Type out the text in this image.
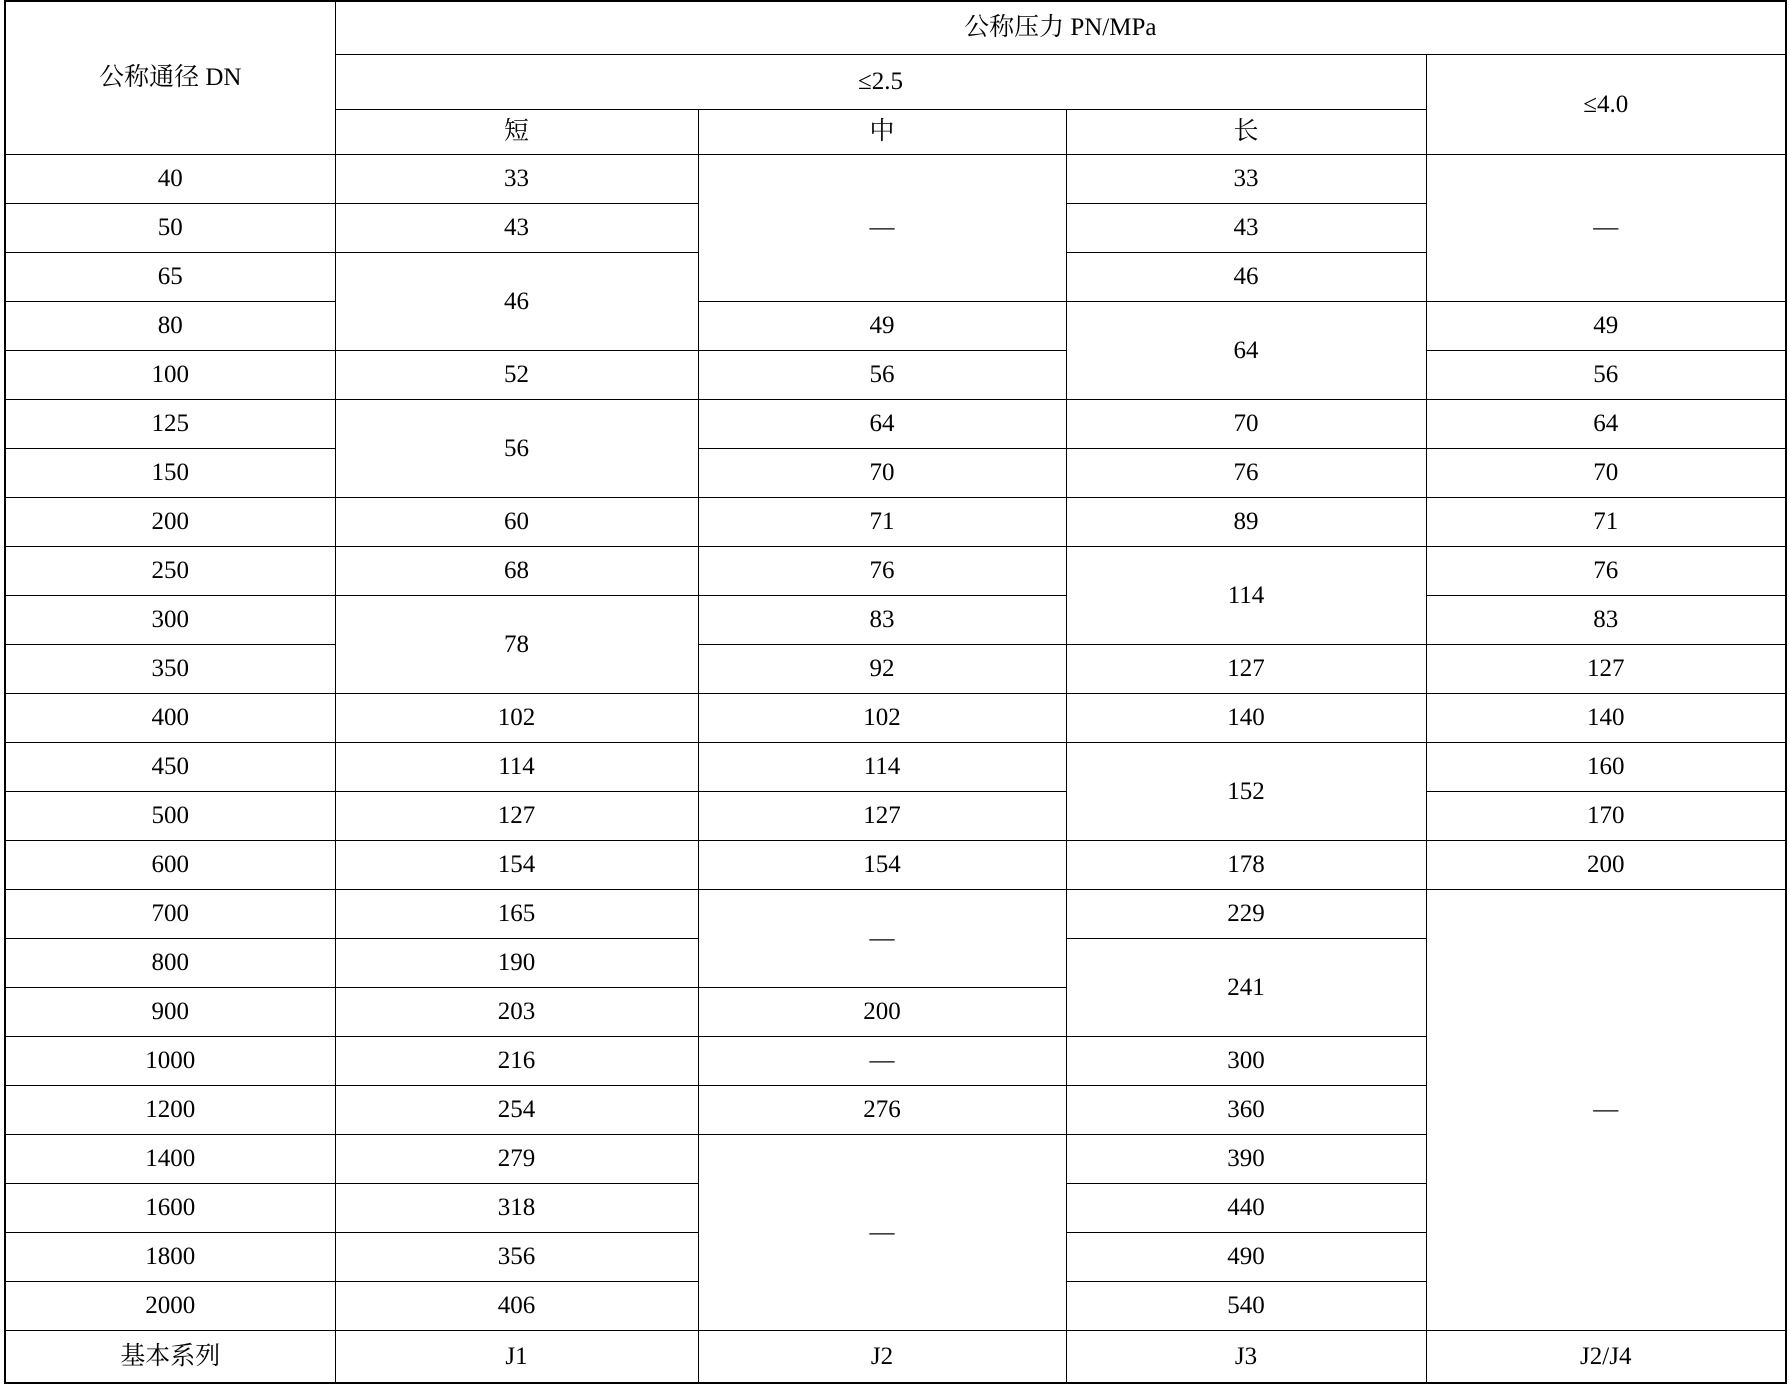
公称通径 DN	公称压力 PN/MPa			
	≤2.5			≤4.0
	短	中	长	
40	33	—	33	—
50	43		43	
65	46		46	
80		49	64	49
100	52	56		56
125	56	64	70	64
150		70	76	70
200	60	71	89	71
250	68	76	114	76
300	78	83		83
350		92	127	127
400	102	102	140	140
450	114	114	152	160
500	127	127		170
600	154	154	178	200
700	165	—	229	—
800	190		241	
900	203	200		
1000	216	—	300	
1200	254	276	360	
1400	279	—	390	
1600	318		440	
1800	356		490	
2000	406		540	
基本系列	J1	J2	J3	J2/J4
